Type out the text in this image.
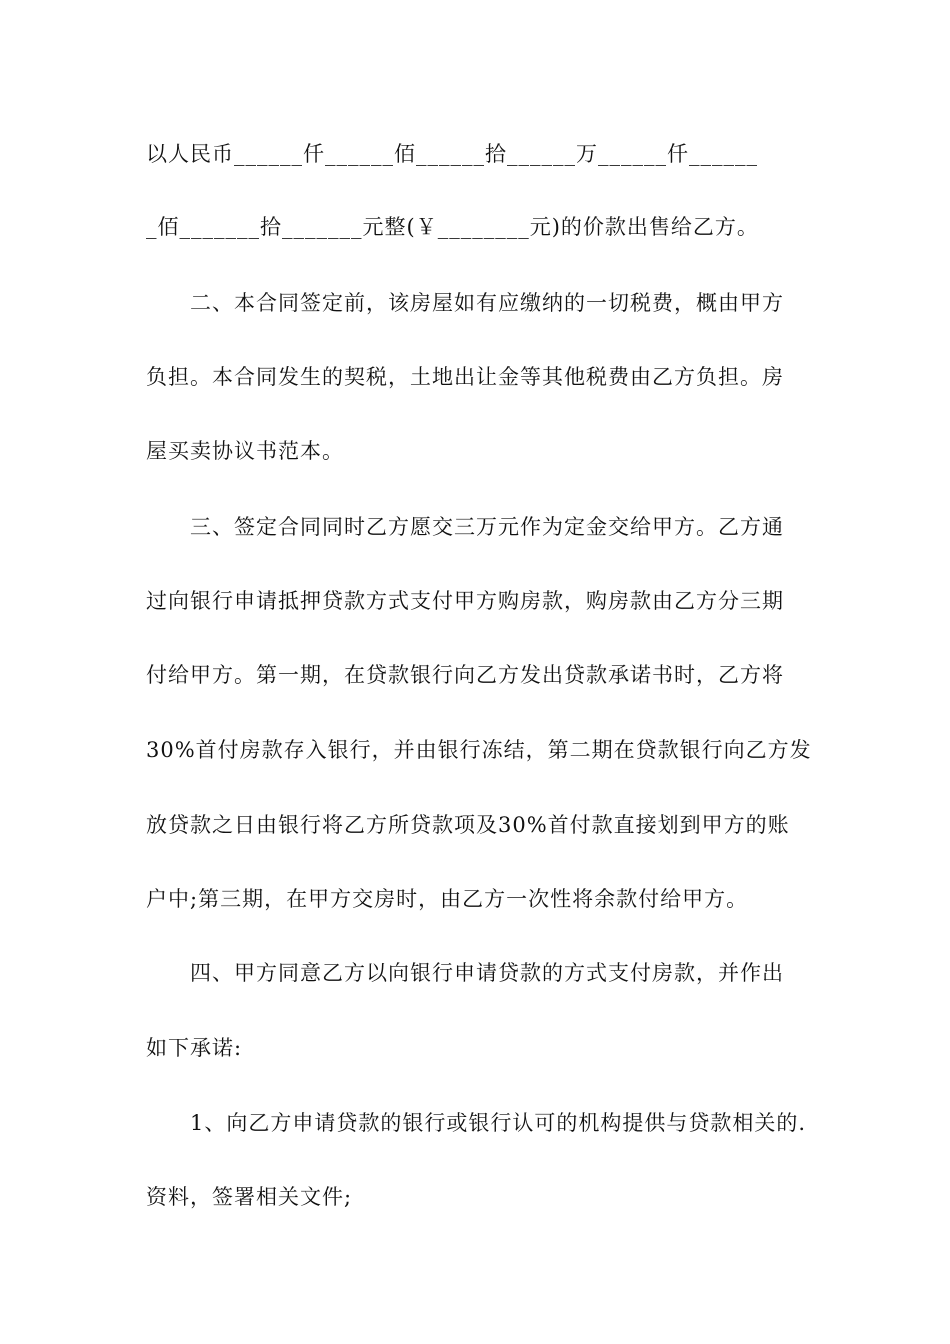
以人民币______仟______佰______拾______万______仟______
_佰_______拾_______元整(￥________元)的价款出售给乙方。
二、本合同签定前，该房屋如有应缴纳的一切税费，概由甲方
负担。本合同发生的契税，土地出让金等其他税费由乙方负担。房
屋买卖协议书范本。
三、签定合同同时乙方愿交三万元作为定金交给甲方。乙方通
过向银行申请抵押贷款方式支付甲方购房款，购房款由乙方分三期
付给甲方。第一期，在贷款银行向乙方发出贷款承诺书时，乙方将
30%首付房款存入银行，并由银行冻结，第二期在贷款银行向乙方发
放贷款之日由银行将乙方所贷款项及30%首付款直接划到甲方的账
户中;第三期，在甲方交房时，由乙方一次性将余款付给甲方。
四、甲方同意乙方以向银行申请贷款的方式支付房款，并作出
如下承诺:
1、向乙方申请贷款的银行或银行认可的机构提供与贷款相关的.
资料，签署相关文件;
